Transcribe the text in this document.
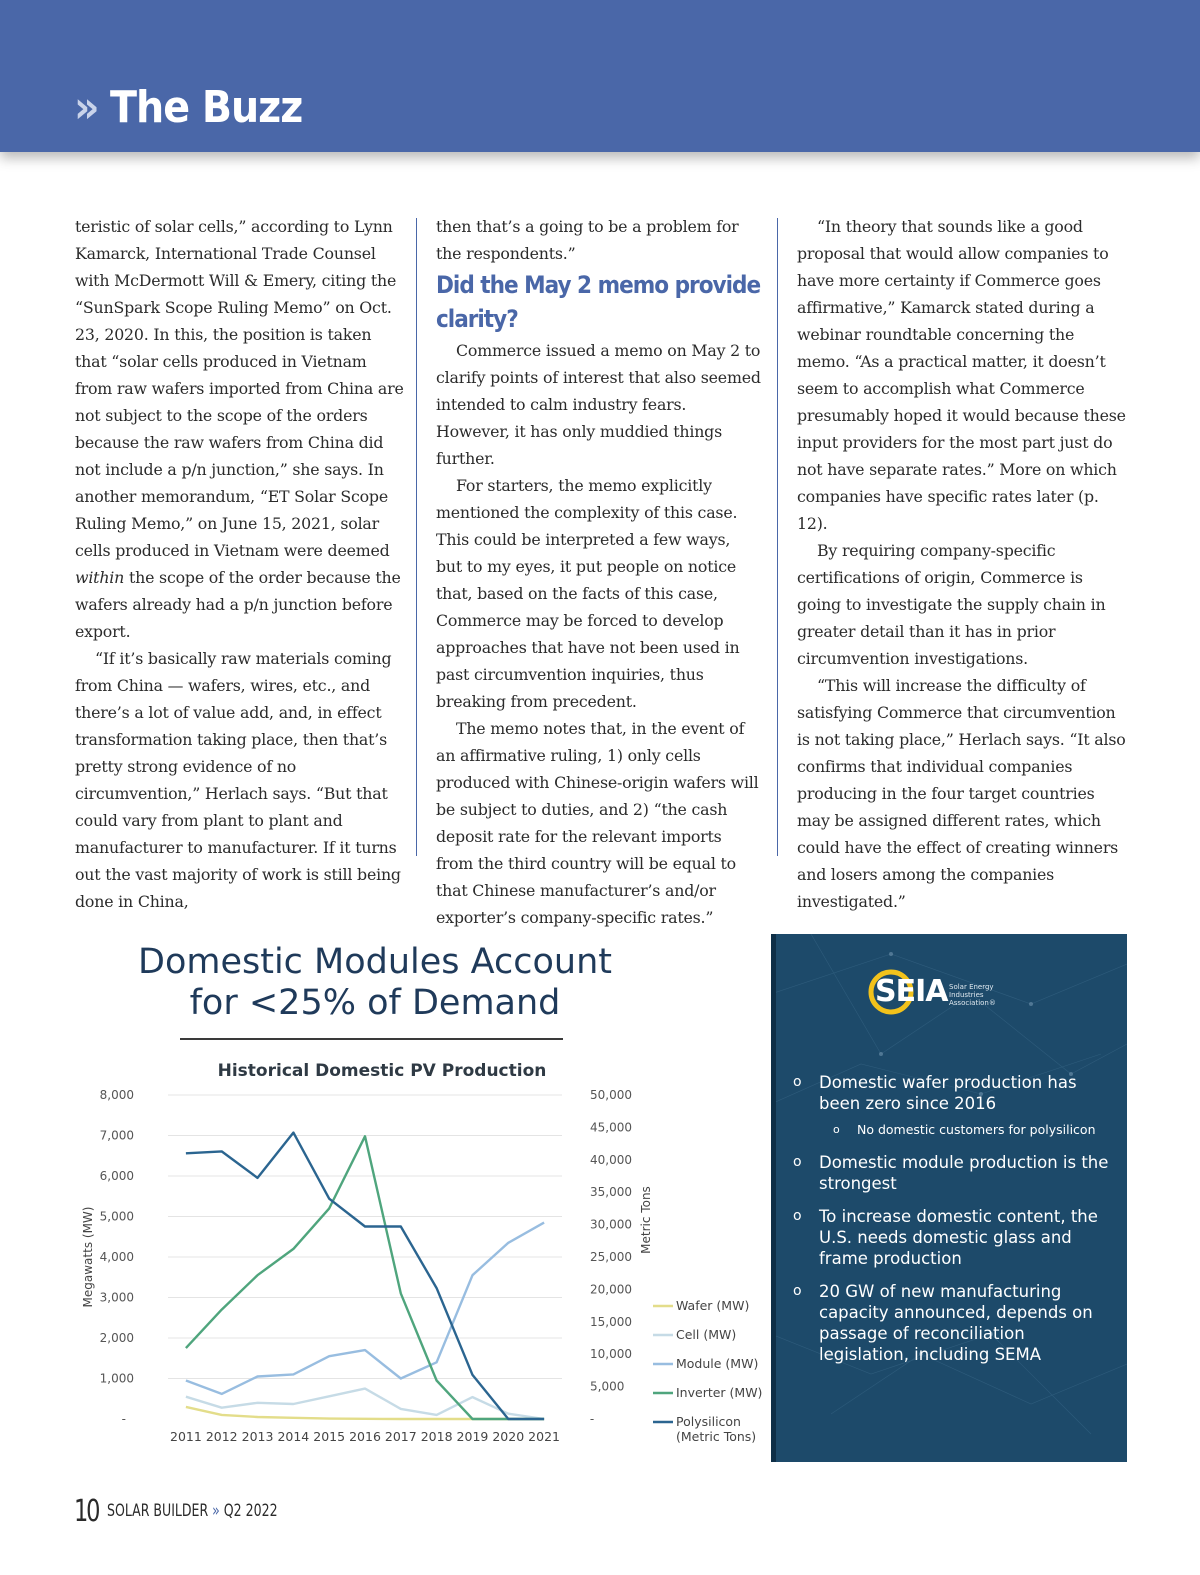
» The Buzz

teristic of solar cells,” according to Lynn Kamarck, International Trade Counsel with McDermott Will & Emery, citing the “SunSpark Scope Ruling Memo” on Oct. 23, 2020. In this, the position is taken that “solar cells produced in Vietnam from raw wafers imported from China are not subject to the scope of the orders because the raw wafers from China did not include a p/n junction,” she says. In another memorandum, “ET Solar Scope Ruling Memo,” on June 15, 2021, solar cells produced in Vietnam were deemed within the scope of the order because the wafers already had a p/n junction before export.

“If it’s basically raw materials coming from China — wafers, wires, etc., and there’s a lot of value add, and, in effect transformation taking place, then that’s pretty strong evidence of no circumvention,” Herlach says. “But that could vary from plant to plant and manufacturer to manufacturer. If it turns out the vast majority of work is still being done in China,

then that’s a going to be a problem for the respondents.”

Did the May 2 memo provide clarity?

Commerce issued a memo on May 2 to clarify points of interest that also seemed intended to calm industry fears. However, it has only muddied things further.

For starters, the memo explicitly mentioned the complexity of this case. This could be interpreted a few ways, but to my eyes, it put people on notice that, based on the facts of this case, Commerce may be forced to develop approaches that have not been used in past circumvention inquiries, thus breaking from precedent.

The memo notes that, in the event of an affirmative ruling, 1) only cells produced with Chinese-origin wafers will be subject to duties, and 2) “the cash deposit rate for the relevant imports from the third country will be equal to that Chinese manufacturer’s and/or exporter’s company-specific rates.”

“In theory that sounds like a good proposal that would allow companies to have more certainty if Commerce goes affirmative,” Kamarck stated during a webinar roundtable concerning the memo. “As a practical matter, it doesn’t seem to accomplish what Commerce presumably hoped it would because these input providers for the most part just do not have separate rates.” More on which companies have specific rates later (p. 12).

By requiring company-specific certifications of origin, Commerce is going to investigate the supply chain in greater detail than it has in prior circumvention investigations.

“This will increase the difficulty of satisfying Commerce that circumvention is not taking place,” Herlach says. “It also confirms that individual companies producing in the four target countries may be assigned different rates, which could have the effect of creating winners and losers among the companies investigated.”

Domestic Modules Account
for <25% of Demand
Historical Domestic PV Production
-
1,000
2,000
3,000
4,000
5,000
6,000
7,000
8,000
-
5,000
10,000
15,000
20,000
25,000
30,000
35,000
40,000
45,000
50,000
2011 2012 2013 2014 2015 2016 2017 2018 2019 2020 2021
Megawatts (MW)	Metric Tons
Wafer (MW)
Cell (MW)
Module (MW)
Inverter (MW)
Polysilicon
(Metric Tons)
SEIA Solar Energy
Industries
Association®
o Domestic wafer production has been zero since 2016
o No domestic customers for polysilicon
o Domestic module production is the strongest
o To increase domestic content, the U.S. needs domestic glass and frame production
o 20 GW of new manufacturing capacity announced, depends on passage of reconciliation legislation, including SEMA
10 SOLAR BUILDER » Q2 2022
